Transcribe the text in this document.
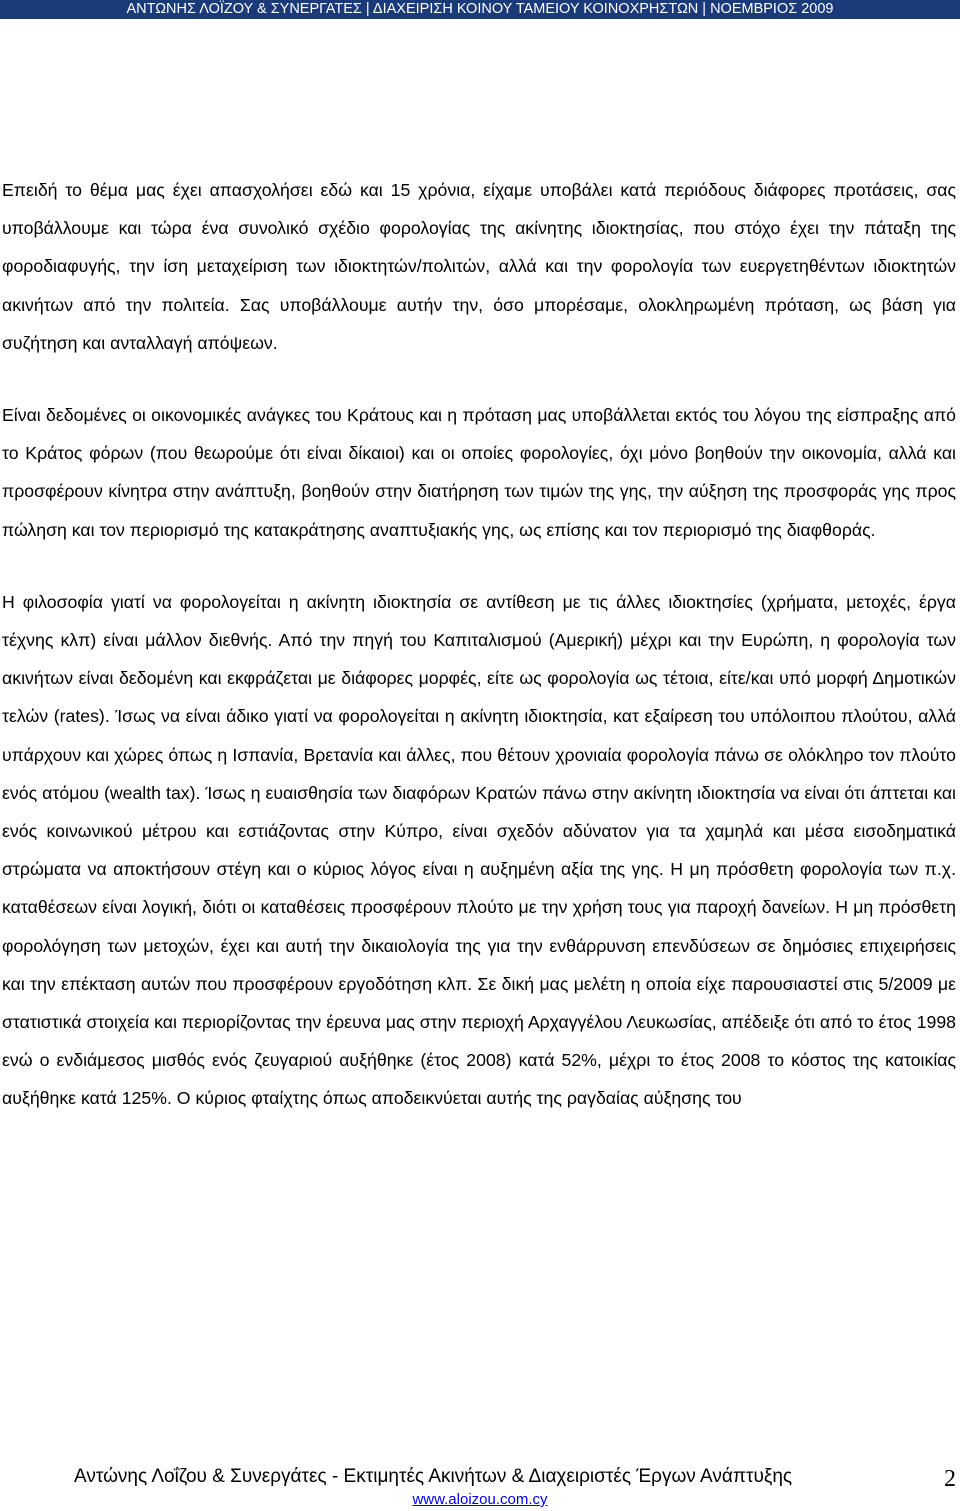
ΑΝΤΩΝΗΣ ΛΟΪΖΟΥ & ΣΥΝΕΡΓΑΤΕΣ | ΔΙΑΧΕΙΡΙΣΗ ΚΟΙΝΟΥ ΤΑΜΕΙΟΥ ΚΟΙΝΟΧΡΗΣΤΩΝ | ΝΟΕΜΒΡΙΟΣ 2009

Επειδή το θέμα μας έχει απασχολήσει εδώ και 15 χρόνια, είχαμε υποβάλει κατά περιόδους διάφορες προτάσεις, σας υποβάλλουμε και τώρα ένα συνολικό σχέδιο φορολογίας της ακίνητης ιδιοκτησίας, που στόχο έχει την πάταξη της φοροδιαφυγής, την ίση μεταχείριση των ιδιοκτητών/πολιτών, αλλά και την φορολογία των ευεργετηθέντων ιδιοκτητών ακινήτων από την πολιτεία. Σας υποβάλλουμε αυτήν την, όσο μπορέσαμε, ολοκληρωμένη πρόταση, ως βάση για συζήτηση και ανταλλαγή απόψεων.

Είναι δεδομένες οι οικονομικές ανάγκες του Κράτους και η πρόταση μας υποβάλλεται εκτός του λόγου της είσπραξης από το Κράτος φόρων (που θεωρούμε ότι είναι δίκαιοι) και οι οποίες φορολογίες, όχι μόνο βοηθούν την οικονομία, αλλά και προσφέρουν κίνητρα στην ανάπτυξη, βοηθούν στην διατήρηση των τιμών της γης, την αύξηση της προσφοράς γης προς πώληση και τον περιορισμό της κατακράτησης αναπτυξιακής γης, ως επίσης και τον περιορισμό της διαφθοράς.

Η φιλοσοφία γιατί να φορολογείται η ακίνητη ιδιοκτησία σε αντίθεση με τις άλλες ιδιοκτησίες (χρήματα, μετοχές, έργα τέχνης κλπ) είναι μάλλον διεθνής. Από την πηγή του Καπιταλισμού (Αμερική) μέχρι και την Ευρώπη, η φορολογία των ακινήτων είναι δεδομένη και εκφράζεται με διάφορες μορφές, είτε ως φορολογία ως τέτοια, είτε/και υπό μορφή Δημοτικών τελών (rates). Ίσως να είναι άδικο γιατί να φορολογείται η ακίνητη ιδιοκτησία, κατ εξαίρεση του υπόλοιπου πλούτου, αλλά υπάρχουν και χώρες όπως η Ισπανία, Βρετανία και άλλες, που θέτουν χρονιαία φορολογία πάνω σε ολόκληρο τον πλούτο ενός ατόμου (wealth tax). Ίσως η ευαισθησία των διαφόρων Κρατών πάνω στην ακίνητη ιδιοκτησία να είναι ότι άπτεται και ενός κοινωνικού μέτρου και εστιάζοντας στην Κύπρο, είναι σχεδόν αδύνατον για τα χαμηλά και μέσα εισοδηματικά στρώματα να αποκτήσουν στέγη και ο κύριος λόγος είναι η αυξημένη αξία της γης. Η μη πρόσθετη φορολογία των π.χ. καταθέσεων είναι λογική, διότι οι καταθέσεις προσφέρουν πλούτο με την χρήση τους για παροχή δανείων. Η μη πρόσθετη φορολόγηση των μετοχών, έχει και αυτή την δικαιολογία της για την ενθάρρυνση επενδύσεων σε δημόσιες επιχειρήσεις και την επέκταση αυτών που προσφέρουν εργοδότηση κλπ. Σε δική μας μελέτη η οποία είχε παρουσιαστεί στις 5/2009 με στατιστικά στοιχεία και περιορίζοντας την έρευνα μας στην περιοχή Αρχαγγέλου Λευκωσίας, απέδειξε ότι από το έτος 1998 ενώ ο ενδιάμεσος μισθός ενός ζευγαριού αυξήθηκε (έτος 2008) κατά 52%, μέχρι το έτος 2008 το κόστος της κατοικίας αυξήθηκε κατά 125%. Ο κύριος φταίχτης όπως αποδεικνύεται αυτής της ραγδαίας αύξησης του

Αντώνης Λοΐζου & Συνεργάτες - Εκτιμητές Ακινήτων & Διαχειριστές Έργων Ανάπτυξης	2
www.aloizou.com.cy
